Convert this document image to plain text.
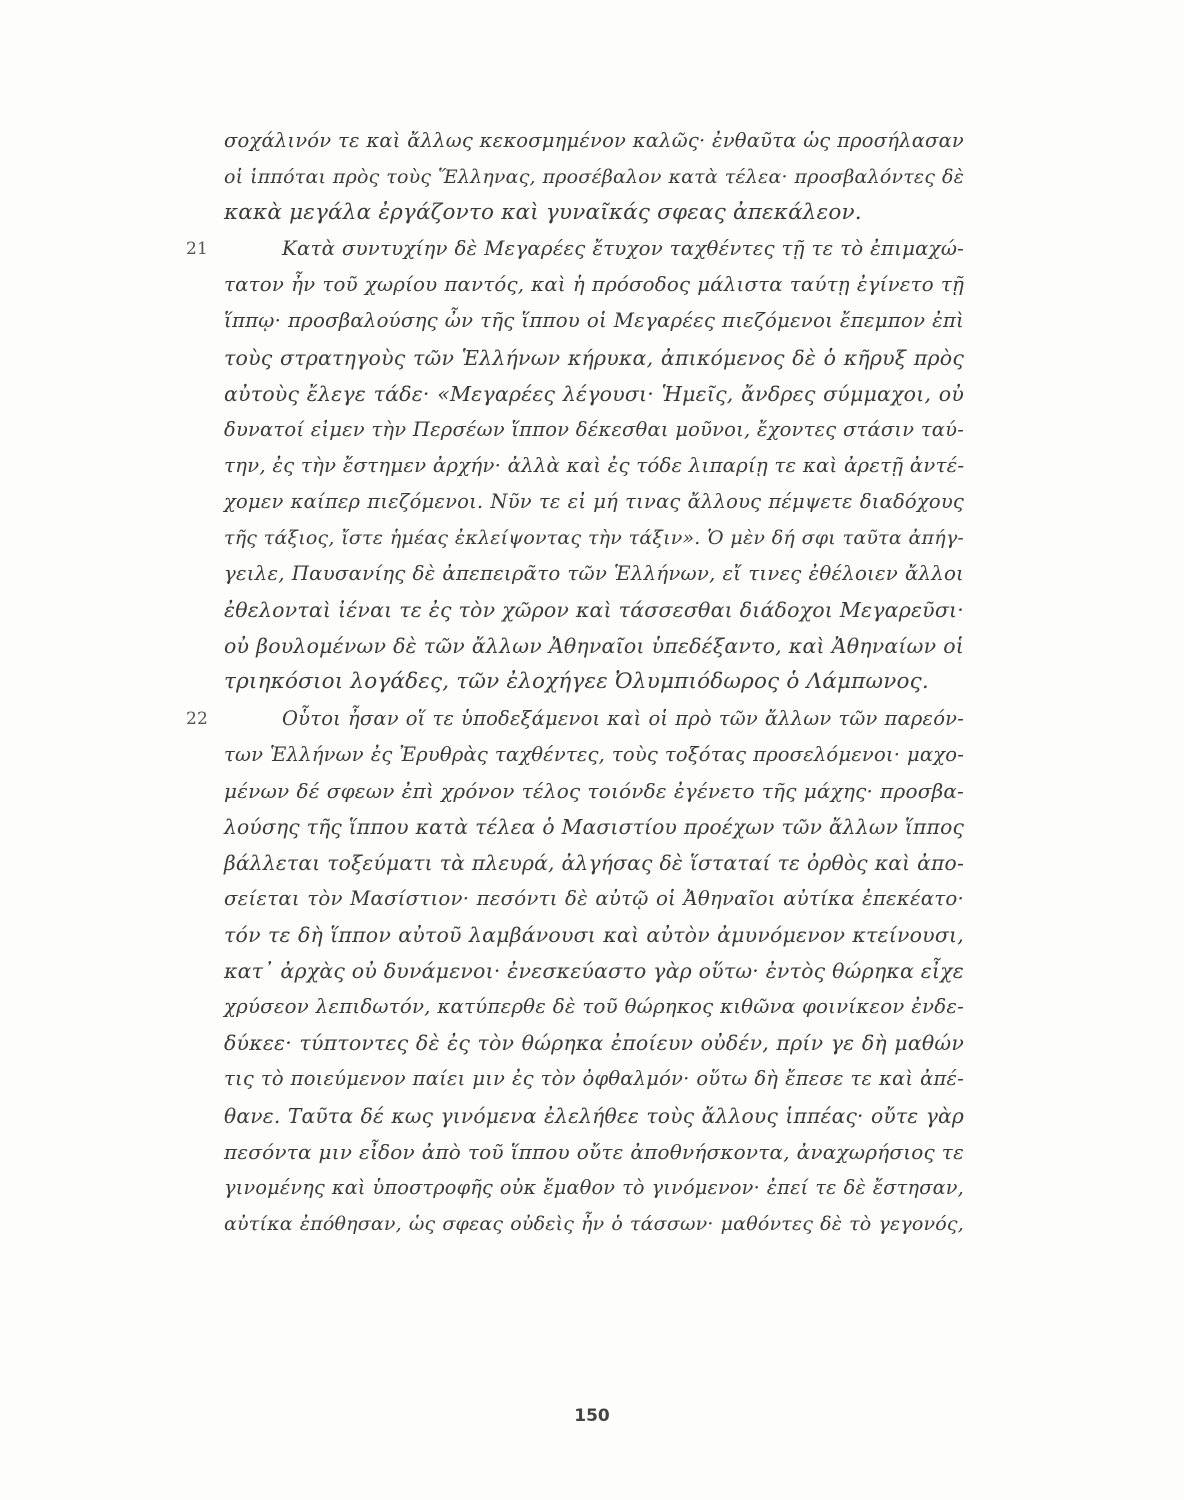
σοχάλινόν τε καὶ ἄλλως κεκοσμημένον καλῶς· ἐνθαῦτα ὡς προσήλασαν
οἱ ἱππόται πρὸς τοὺς Ἕλληνας, προσέβαλον κατὰ τέλεα· προσβαλόντες δὲ
κακὰ μεγάλα ἐργάζοντο καὶ γυναῖκάς σφεας ἀπεκάλεον.
21	Κατὰ συντυχίην δὲ Μεγαρέες ἔτυχον ταχθέντες τῇ τε τὸ ἐπιμαχώ-
τατον ἦν τοῦ χωρίου παντός, καὶ ἡ πρόσοδος μάλιστα ταύτῃ ἐγίνετο τῇ
ἵππῳ· προσβαλούσης ὦν τῆς ἵππου οἱ Μεγαρέες πιεζόμενοι ἔπεμπον ἐπὶ
τοὺς στρατηγοὺς τῶν Ἑλλήνων κήρυκα, ἀπικόμενος δὲ ὁ κῆρυξ πρὸς
αὐτοὺς ἔλεγε τάδε· «Μεγαρέες λέγουσι· Ἡμεῖς, ἄνδρες σύμμαχοι, οὐ
δυνατοί εἰμεν τὴν Περσέων ἵππον δέκεσθαι μοῦνοι, ἔχοντες στάσιν ταύ-
την, ἐς τὴν ἔστημεν ἀρχήν· ἀλλὰ καὶ ἐς τόδε λιπαρίῃ τε καὶ ἀρετῇ ἀντέ-
χομεν καίπερ πιεζόμενοι. Νῦν τε εἰ μή τινας ἄλλους πέμψετε διαδόχους
τῆς τάξιος, ἴστε ἡμέας ἐκλείψοντας τὴν τάξιν». Ὁ μὲν δή σφι ταῦτα ἀπήγ-
γειλε, Παυσανίης δὲ ἀπεπειρᾶτο τῶν Ἑλλήνων, εἴ τινες ἐθέλοιεν ἄλλοι
ἐθελονταὶ ἰέναι τε ἐς τὸν χῶρον καὶ τάσσεσθαι διάδοχοι Μεγαρεῦσι·
οὐ βουλομένων δὲ τῶν ἄλλων Ἀθηναῖοι ὑπεδέξαντο, καὶ Ἀθηναίων οἱ
τριηκόσιοι λογάδες, τῶν ἐλοχήγεε Ὀλυμπιόδωρος ὁ Λάμπωνος.
22	Οὗτοι ἦσαν οἵ τε ὑποδεξάμενοι καὶ οἱ πρὸ τῶν ἄλλων τῶν παρεόν-
των Ἑλλήνων ἐς Ἐρυθρὰς ταχθέντες, τοὺς τοξότας προσελόμενοι· μαχο-
μένων δέ σφεων ἐπὶ χρόνον τέλος τοιόνδε ἐγένετο τῆς μάχης· προσβα-
λούσης τῆς ἵππου κατὰ τέλεα ὁ Μασιστίου προέχων τῶν ἄλλων ἵππος
βάλλεται τοξεύματι τὰ πλευρά, ἀλγήσας δὲ ἵσταταί τε ὀρθὸς καὶ ἀπο-
σείεται τὸν Μασίστιον· πεσόντι δὲ αὐτῷ οἱ Ἀθηναῖοι αὐτίκα ἐπεκέατο·
τόν τε δὴ ἵππον αὐτοῦ λαμβάνουσι καὶ αὐτὸν ἀμυνόμενον κτείνουσι,
κατ᾽ ἀρχὰς οὐ δυνάμενοι· ἐνεσκεύαστο γὰρ οὕτω· ἐντὸς θώρηκα εἶχε
χρύσεον λεπιδωτόν, κατύπερθε δὲ τοῦ θώρηκος κιθῶνα φοινίκεον ἐνδε-
δύκεε· τύπτοντες δὲ ἐς τὸν θώρηκα ἐποίευν οὐδέν, πρίν γε δὴ μαθών
τις τὸ ποιεύμενον παίει μιν ἐς τὸν ὀφθαλμόν· οὕτω δὴ ἔπεσε τε καὶ ἀπέ-
θανε. Ταῦτα δέ κως γινόμενα ἐλελήθεε τοὺς ἄλλους ἱππέας· οὔτε γὰρ
πεσόντα μιν εἶδον ἀπὸ τοῦ ἵππου οὔτε ἀποθνήσκοντα, ἀναχωρήσιος τε
γινομένης καὶ ὑποστροφῆς οὐκ ἔμαθον τὸ γινόμενον· ἐπεί τε δὲ ἔστησαν,
αὐτίκα ἐπόθησαν, ὡς σφεας οὐδεὶς ἦν ὁ τάσσων· μαθόντες δὲ τὸ γεγονός,
150
